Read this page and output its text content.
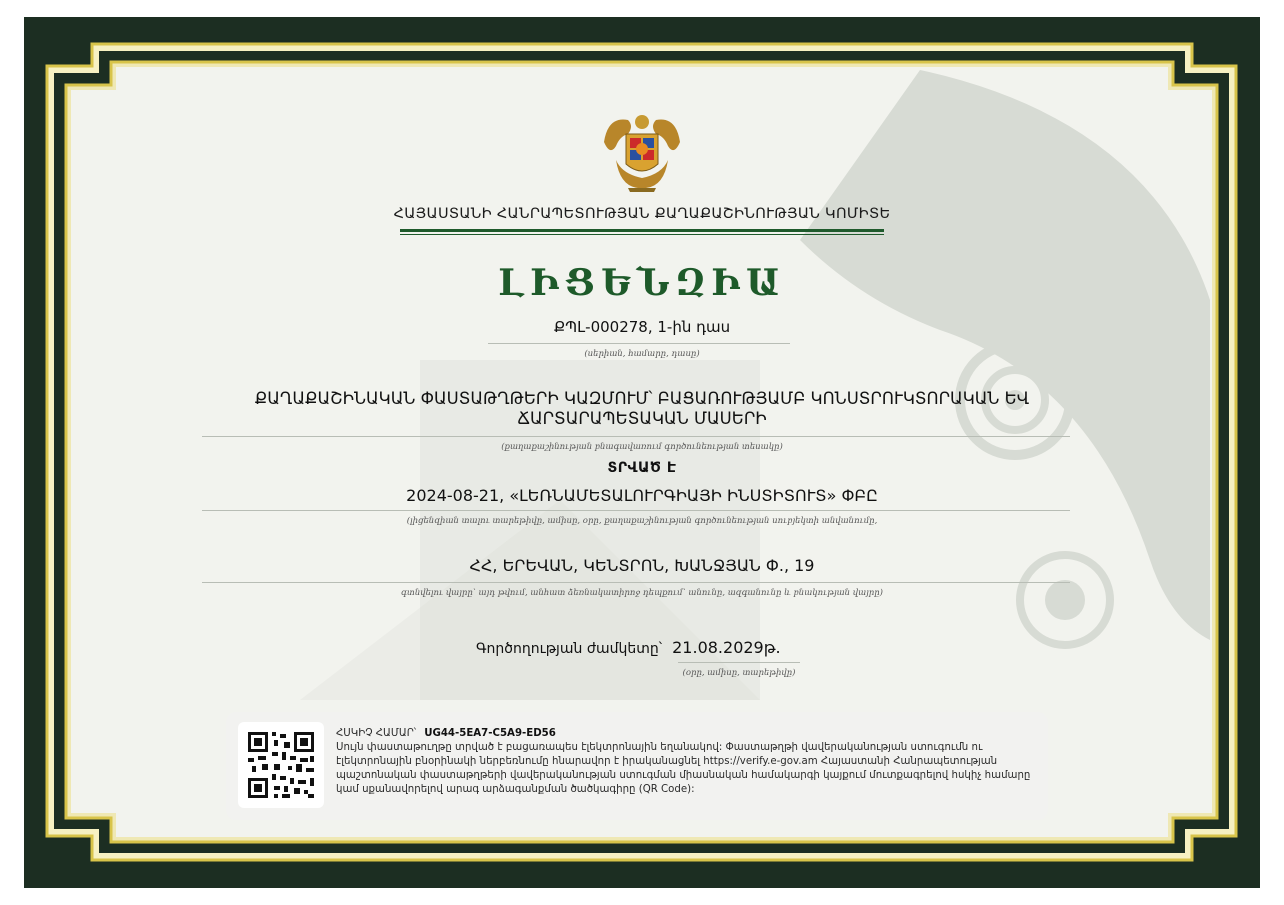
ՀԱՅԱՍՏԱՆԻ ՀԱՆՐԱՊԵՏՈՒԹՅԱՆ ՔԱՂԱՔԱՇԻՆՈՒԹՅԱՆ ԿՈՄԻՏԵ
ԼԻՑԵՆԶԻԱ
ՔՊԼ-000278, 1-ին դաս
(սերիան, համարը, դասը)
ՔԱՂԱՔԱՇԻՆԱԿԱՆ ՓԱՍՏԱԹՂԹԵՐԻ ԿԱԶՄՈՒՄ՝ ԲԱՑԱՌՈՒԹՅԱՄԲ ԿՈՆՍՏՐՈՒԿՏՈՐԱԿԱՆ ԵՎ ՃԱՐՏԱՐԱՊԵՏԱԿԱՆ ՄԱՍԵՐԻ
(քաղաքաշինության բնագավառում գործունեության տեսակը)
ՏՐՎԱԾ Է
2024-08-21, «ԼԵՌՆԱՄԵՏԱԼՈՒՐԳԻԱՅԻ ԻՆՍՏԻՏՈՒՏ» ՓԲԸ
(լիցենզիան տալու տարեթիվը, ամիսը, օրը, քաղաքաշինության գործունեության սուբյեկտի անվանումը,
ՀՀ, ԵՐԵՎԱՆ, ԿԵՆՏՐՈՆ, ԽԱՆՋՅԱՆ Փ., 19
գտնվելու վայրը՝ այդ թվում, անհատ ձեռնակատիրոջ դեպքում՝ անունը, ազգանունը և բնակության վայրը)
Գործողության ժամկետը՝ 21.08.2029թ.
(օրը, ամիսը, տարեթիվը)
ՀՍԿԻՉ ՀԱՄԱՐ՝ UG44-5EA7-C5A9-ED56
Սույն փաստաթուղթը տրված է բացառապես էլեկտրոնային եղանակով: Փաստաթղթի վավերականության ստուգումն ու էլեկտրոնային բնօրինակի ներբեռնումը հնարավոր է իրականացնել https://verify.e-gov.am Հայաստանի Հանրապետության պաշտոնական փաստաթղթերի վավերականության ստուգման միասնական համակարգի կայքում մուտքագրելով հսկիչ համարը կամ սքանավորելով արագ արձագանքման ծածկագիրը (QR Code):
